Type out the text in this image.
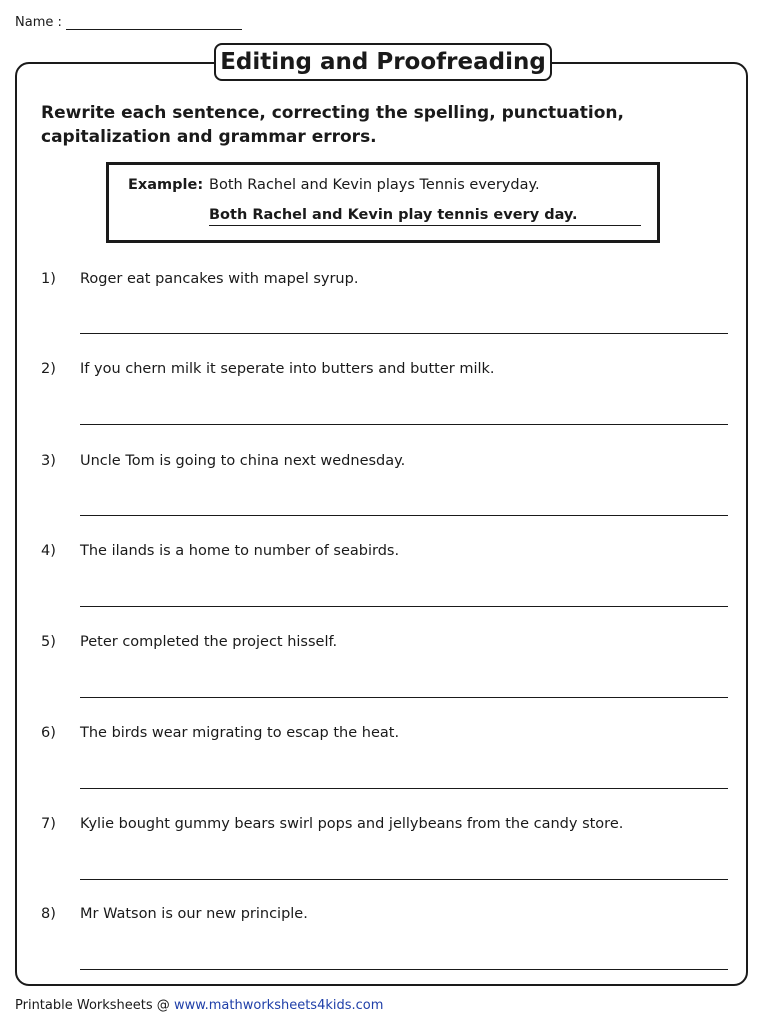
Name :
Editing and Proofreading
Rewrite each sentence, correcting the spelling, punctuation, capitalization and grammar errors.
Example: Both Rachel and Kevin plays Tennis everyday.
Both Rachel and Kevin play tennis every day.
1) Roger eat pancakes with mapel syrup.
2) If you chern milk it seperate into butters and butter milk.
3) Uncle Tom is going to china next wednesday.
4) The ilands is a home to number of seabirds.
5) Peter completed the project hisself.
6) The birds wear migrating to escap the heat.
7) Kylie bought gummy bears swirl pops and jellybeans from the candy store.
8) Mr Watson is our new principle.
Printable Worksheets @ www.mathworksheets4kids.com
